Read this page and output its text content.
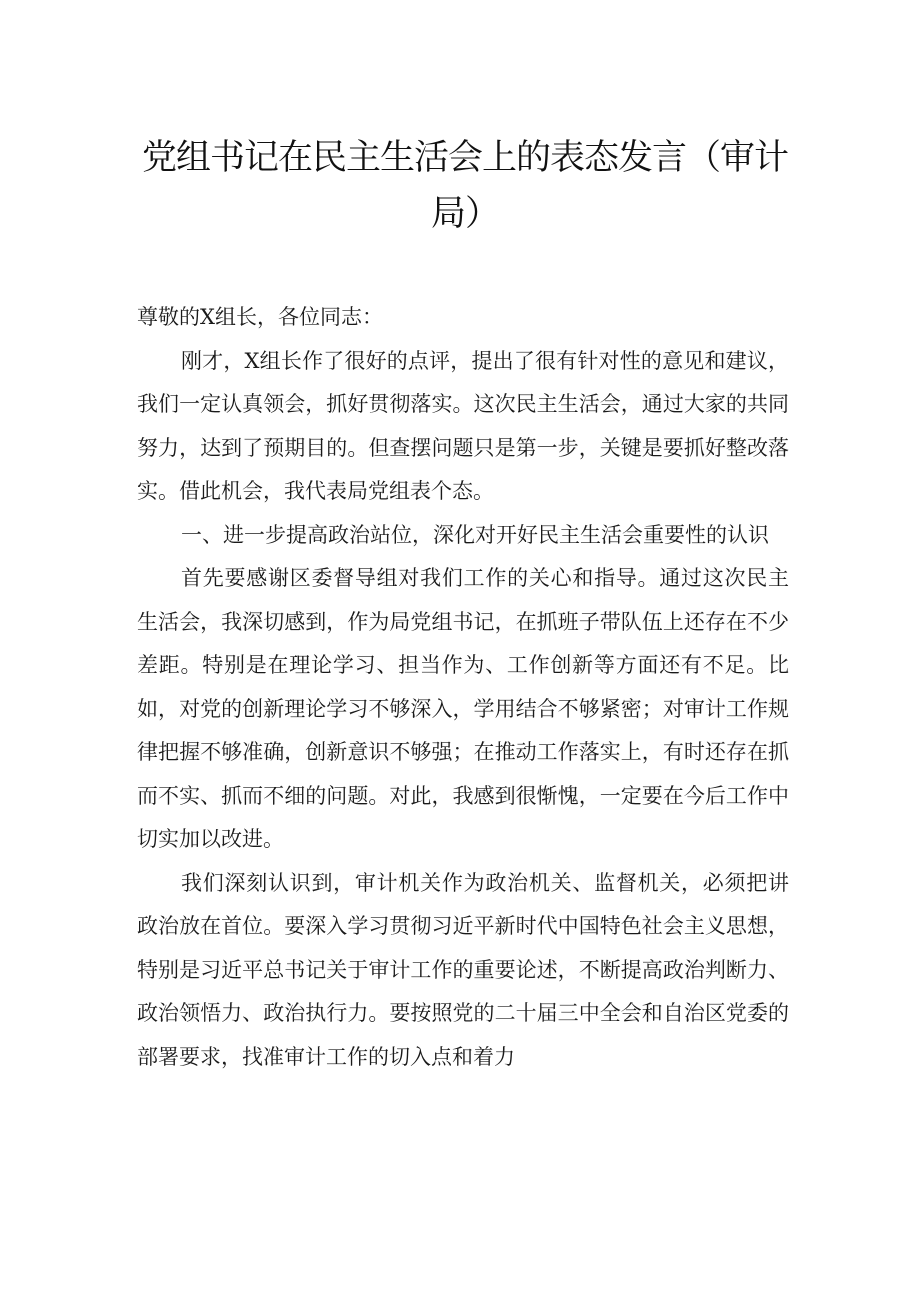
党组书记在民主生活会上的表态发言（审计局）

尊敬的X组长，各位同志：

刚才，X组长作了很好的点评，提出了很有针对性的意见和建议，我们一定认真领会，抓好贯彻落实。这次民主生活会，通过大家的共同努力，达到了预期目的。但查摆问题只是第一步，关键是要抓好整改落实。借此机会，我代表局党组表个态。

一、进一步提高政治站位，深化对开好民主生活会重要性的认识

首先要感谢区委督导组对我们工作的关心和指导。通过这次民主生活会，我深切感到，作为局党组书记，在抓班子带队伍上还存在不少差距。特别是在理论学习、担当作为、工作创新等方面还有不足。比如，对党的创新理论学习不够深入，学用结合不够紧密；对审计工作规律把握不够准确，创新意识不够强；在推动工作落实上，有时还存在抓而不实、抓而不细的问题。对此，我感到很惭愧，一定要在今后工作中切实加以改进。

我们深刻认识到，审计机关作为政治机关、监督机关，必须把讲政治放在首位。要深入学习贯彻习近平新时代中国特色社会主义思想，特别是习近平总书记关于审计工作的重要论述，不断提高政治判断力、政治领悟力、政治执行力。要按照党的二十届三中全会和自治区党委的部署要求，找准审计工作的切入点和着力
